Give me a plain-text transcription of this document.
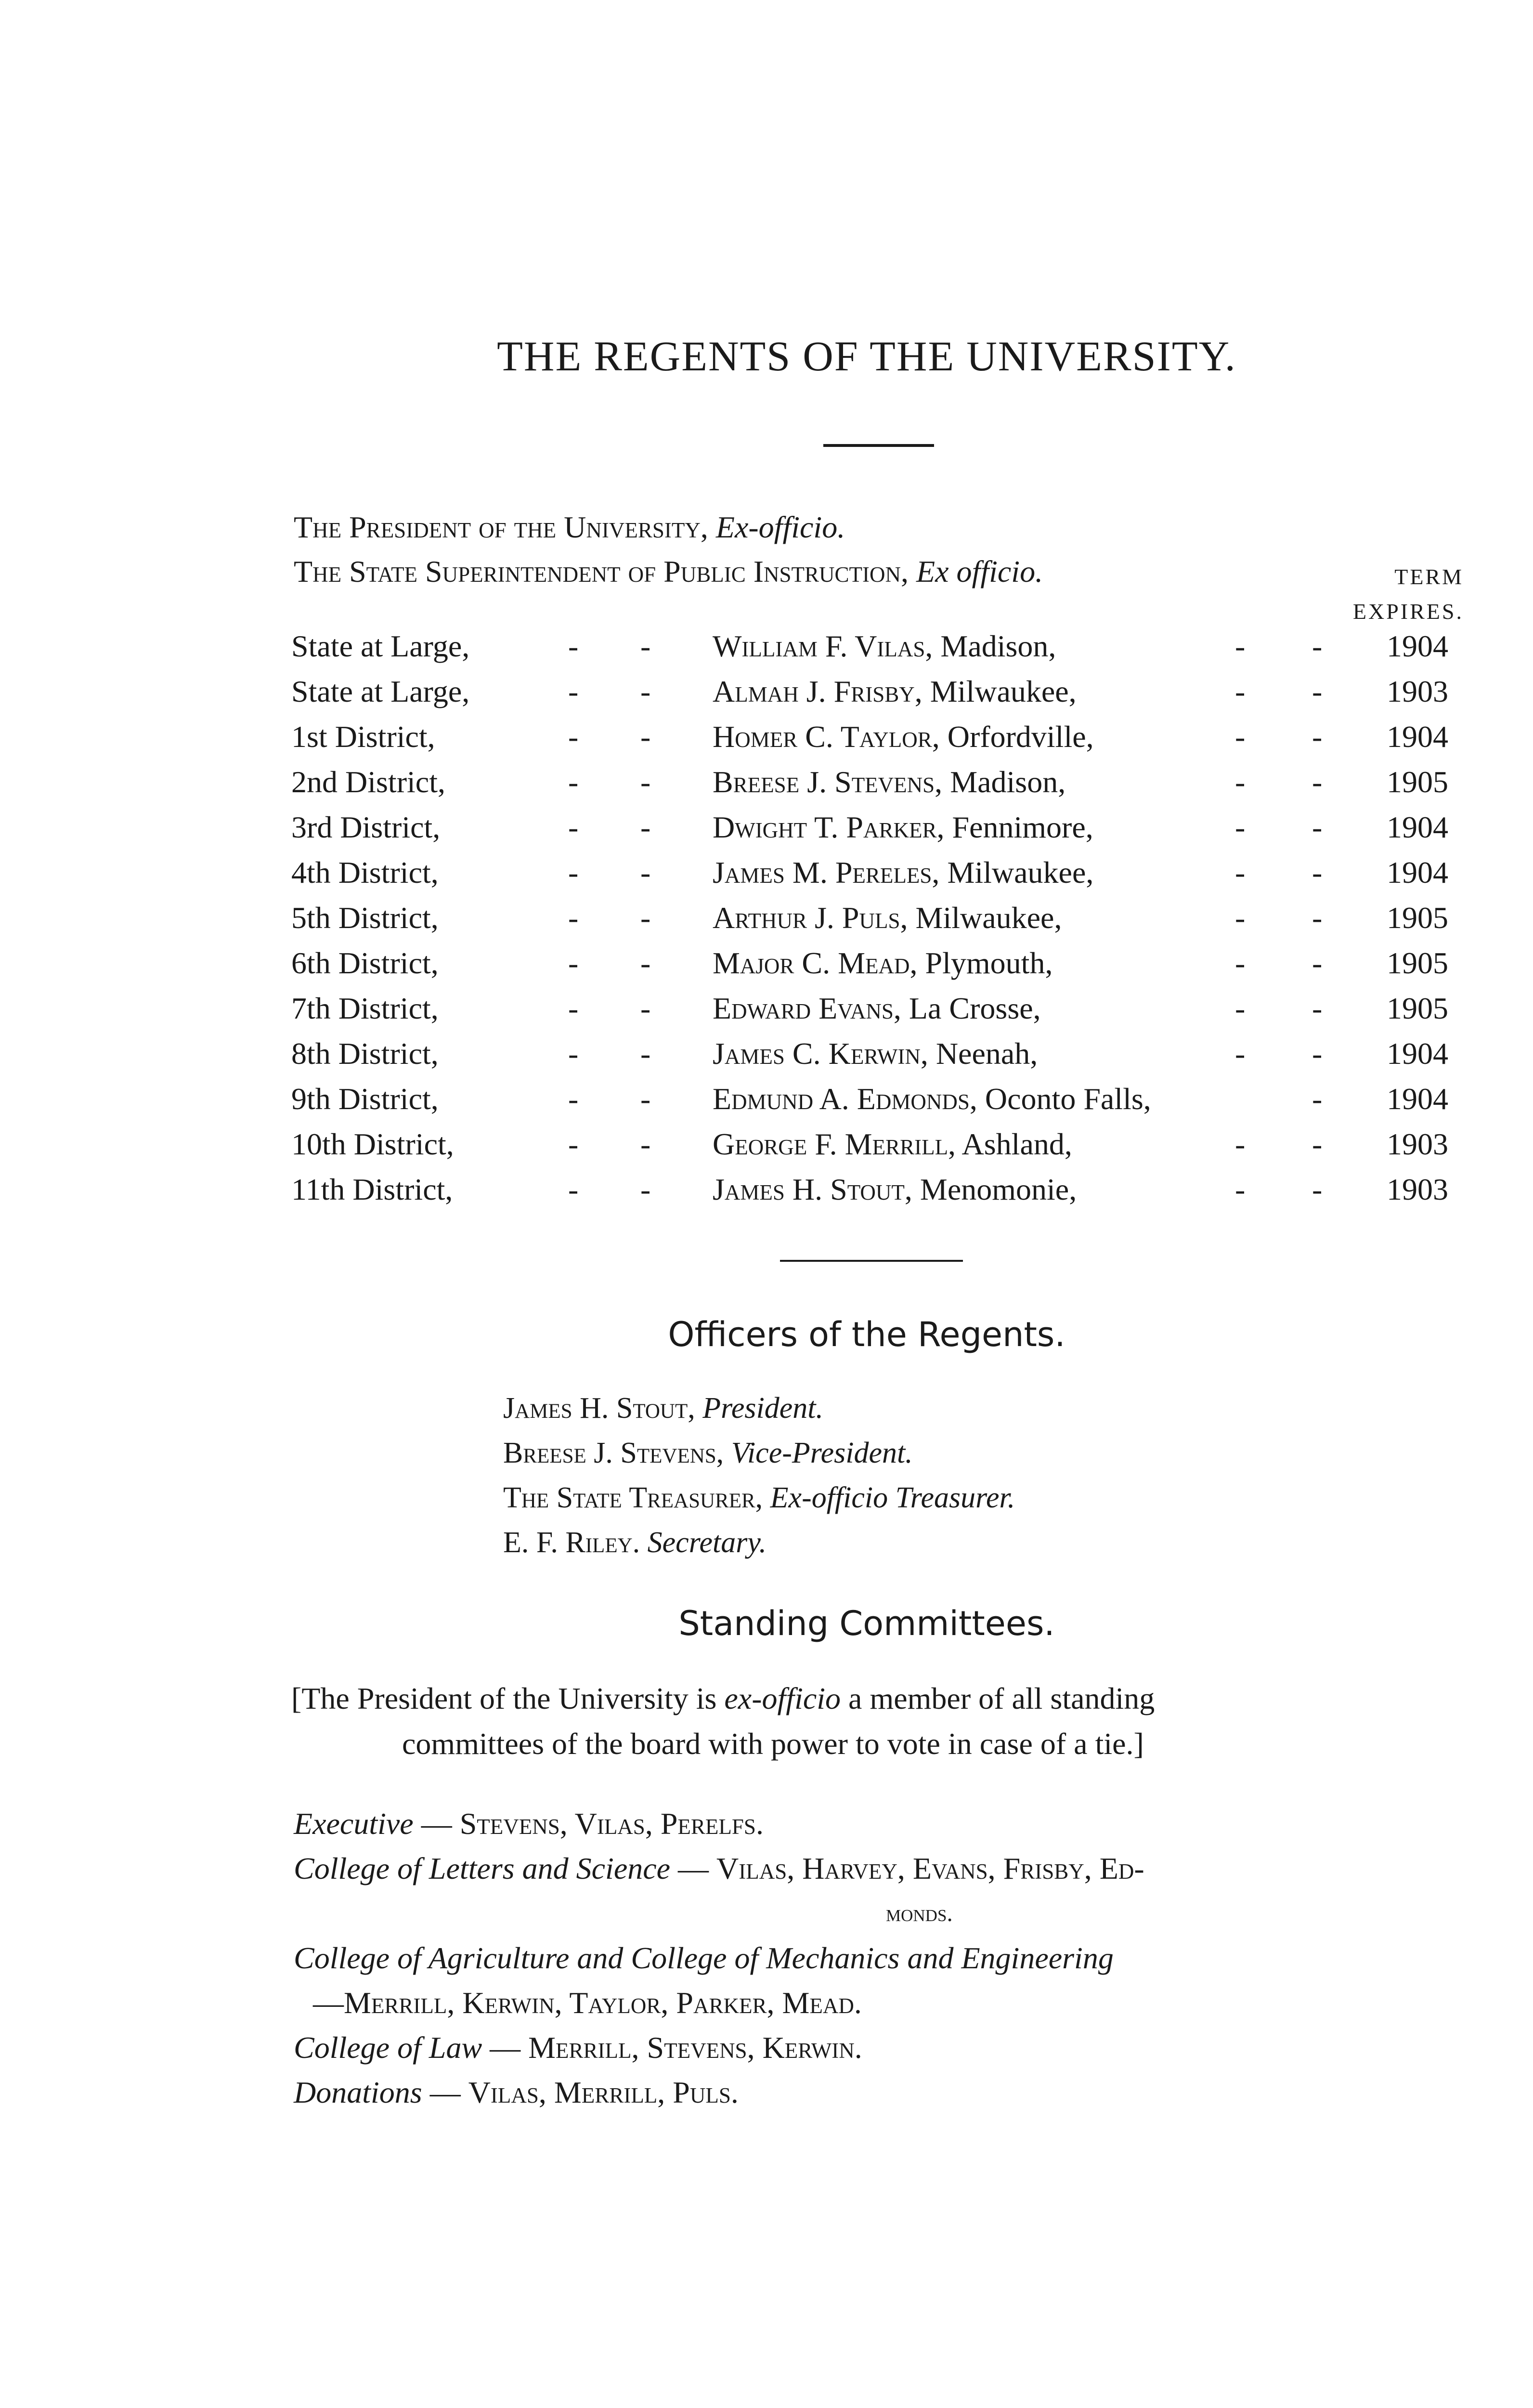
THE REGENTS OF THE UNIVERSITY.
The President of the University, Ex-officio.
The State Superintendent of Public Instruction, Ex officio.	TERM EXPIRES.
State at Large,	- - William F. Vilas, Madison,	- - 1904
State at Large,	- - Almah J. Frisby, Milwaukee,	- - 1903
1st District,	- - Homer C. Taylor, Orfordville,	- - 1904
2nd District,	- - Breese J. Stevens, Madison,	- - 1905
3rd District,	- - Dwight T. Parker, Fennimore,	- - 1904
4th District,	- - James M. Pereles, Milwaukee,	- - 1904
5th District,	- - Arthur J. Puls, Milwaukee,	- - 1905
6th District,	- - Major C. Mead, Plymouth,	- - 1905
7th District,	- - Edward Evans, La Crosse,	- - 1905
8th District,	- - James C. Kerwin, Neenah,	- - 1904
9th District,	- - Edmund A. Edmonds, Oconto Falls,	- 1904
10th District,	- - George F. Merrill, Ashland,	- - 1903
11th District,	- - James H. Stout, Menomonie,	- - 1903
Officers of the Regents.
James H. Stout, President.
Breese J. Stevens, Vice-President.
The State Treasurer, Ex-officio Treasurer.
E. F. Riley. Secretary.
Standing Committees.
[The President of the University is ex-officio a member of all standing
committees of the board with power to vote in case of a tie.]
Executive — Stevens, Vilas, Perelfs.
College of Letters and Science — Vilas, Harvey, Evans, Frisby, Ed-
monds.
College of Agriculture and College of Mechanics and Engineering
—Merrill, Kerwin, Taylor, Parker, Mead.
College of Law — Merrill, Stevens, Kerwin.
Donations — Vilas, Merrill, Puls.
